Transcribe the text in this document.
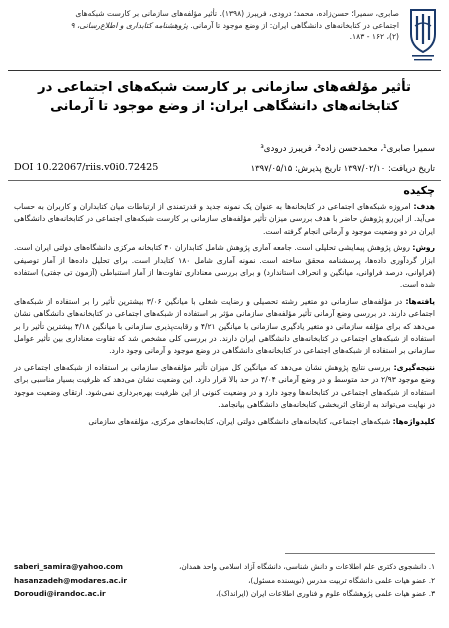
صابری، سمیرا؛ حسن‌زاده، محمد؛ درودی، فریبرز (۱۳۹۸). تأثیر مؤلفه‌های سازمانی بر کارست شبکه‌های
اجتماعی در کتابخانه‌های دانشگاهی ایران: از وضع موجود تا آرمانی. پژوهشنامه کتابداری و اطلاع‌رسانی، ۹
(۲)، ۱۶۲ - ۱۸۳.
تأثیر مؤلفه‌های سازمانی بر کارست شبکه‌های اجتماعی در کتابخانه‌های دانشگاهی ایران: از وضع موجود تا آرمانی
سمیرا صابری¹، محمدحسن زاده²، فریبرز درودی³
تاریخ دریافت: ۱۳۹۷/۰۲/۱۰ تاریخ پذیرش: ۱۳۹۷/۰۵/۱۵
DOI 10.22067/riis.v0i0.72425
چکیده

هدف: امروزه شبکه‌های اجتماعی در کتابخانه‌ها به عنوان یک نمونه جدید و قدرتمندی از ارتباطات میان کتابداران و کاربران به حساب می‌آید. از این‌رو پژوهش حاضر با هدف بررسی میزان تأثیر مؤلفه‌های سازمانی بر کارست شبکه‌های اجتماعی در کتابخانه‌های دانشگاهی ایران در دو وضعیت موجود و آرمانی انجام گرفته است.

روش: روش پژوهش پیمایشی تحلیلی است. جامعه آماری پژوهش شامل کتابداران ۴۰ کتابخانه مرکزی دانشگاه‌های دولتی ایران است. ابزار گردآوری داده‌ها، پرسشنامه محقق ساخته است. نمونه آماری شامل ۱۸۰ کتابدار است. برای تحلیل داده‌ها از آمار توصیفی (فراوانی، درصد فراوانی، میانگین و انحراف استاندارد) و برای بررسی معناداری تفاوت‌ها از آمار استنباطی (آزمون تی جفتی) استفاده شده است.

یافته‌ها: در مؤلفه‌های سازمانی دو متغیر رشته تحصیلی و رضایت شغلی با میانگین ۳/۰۶ بیشترین تأثیر را بر استفاده از شبکه‌های اجتماعی دارند. در بررسی وضع آرمانی تأثیر مؤلفه‌های سازمانی مؤثر بر استفاده از شبکه‌های اجتماعی در کتابخانه‌های دانشگاهی نشان می‌دهد که برای مؤلفه سازمانی دو متغیر یادگیری سازمانی با میانگین ۴/۲۱ و رقابت‌پذیری سازمانی با میانگین ۴/۱۸ بیشترین تأثیر را بر استفاده از شبکه‌های اجتماعی در کتابخانه‌های دانشگاهی ایران دارند. در بررسی کلی مشخص شد که تفاوت معناداری بین تأثیر عوامل سازمانی بر استفاده از شبکه‌های اجتماعی در کتابخانه‌های دانشگاهی در وضع موجود و آرمانی وجود دارد.

نتیجه‌گیری: بررسی نتایج پژوهش نشان می‌دهد که میانگین کل میزان تأثیر مؤلفه‌های سازمانی بر استفاده از شبکه‌های اجتماعی در وضع موجود ۲/۹۳ در حد متوسط و در وضع آرمانی ۴/۰۴ در حد بالا قرار دارد. این وضعیت نشان می‌دهد که ظرفیت بسیار مناسبی برای استفاده از شبکه‌های اجتماعی در کتابخانه‌ها وجود دارد و در وضعیت کنونی از این ظرفیت بهره‌برداری نمی‌شود. ارتقای وضعیت موجود در نهایت می‌تواند به ارتقای اثربخشی کتابخانه‌های دانشگاهی بیانجامد.

کلیدواژه‌ها: شبکه‌های اجتماعی، کتابخانه‌های دانشگاهی دولتی ایران، کتابخانه‌های مرکزی، مؤلفه‌های سازمانی

saberi_samira@yahoo.com	۱. دانشجوی دکتری علم اطلاعات و دانش شناسی، دانشگاه آزاد اسلامی واحد همدان،
hasanzadeh@modares.ac.ir	۲. عضو هیات علمی دانشگاه تربیت مدرس (نویسنده مسئول)،
Doroudi@irandoc.ac.ir	۳. عضو هیات علمی پژوهشگاه علوم و فناوری اطلاعات ایران (ایرانداک)،
